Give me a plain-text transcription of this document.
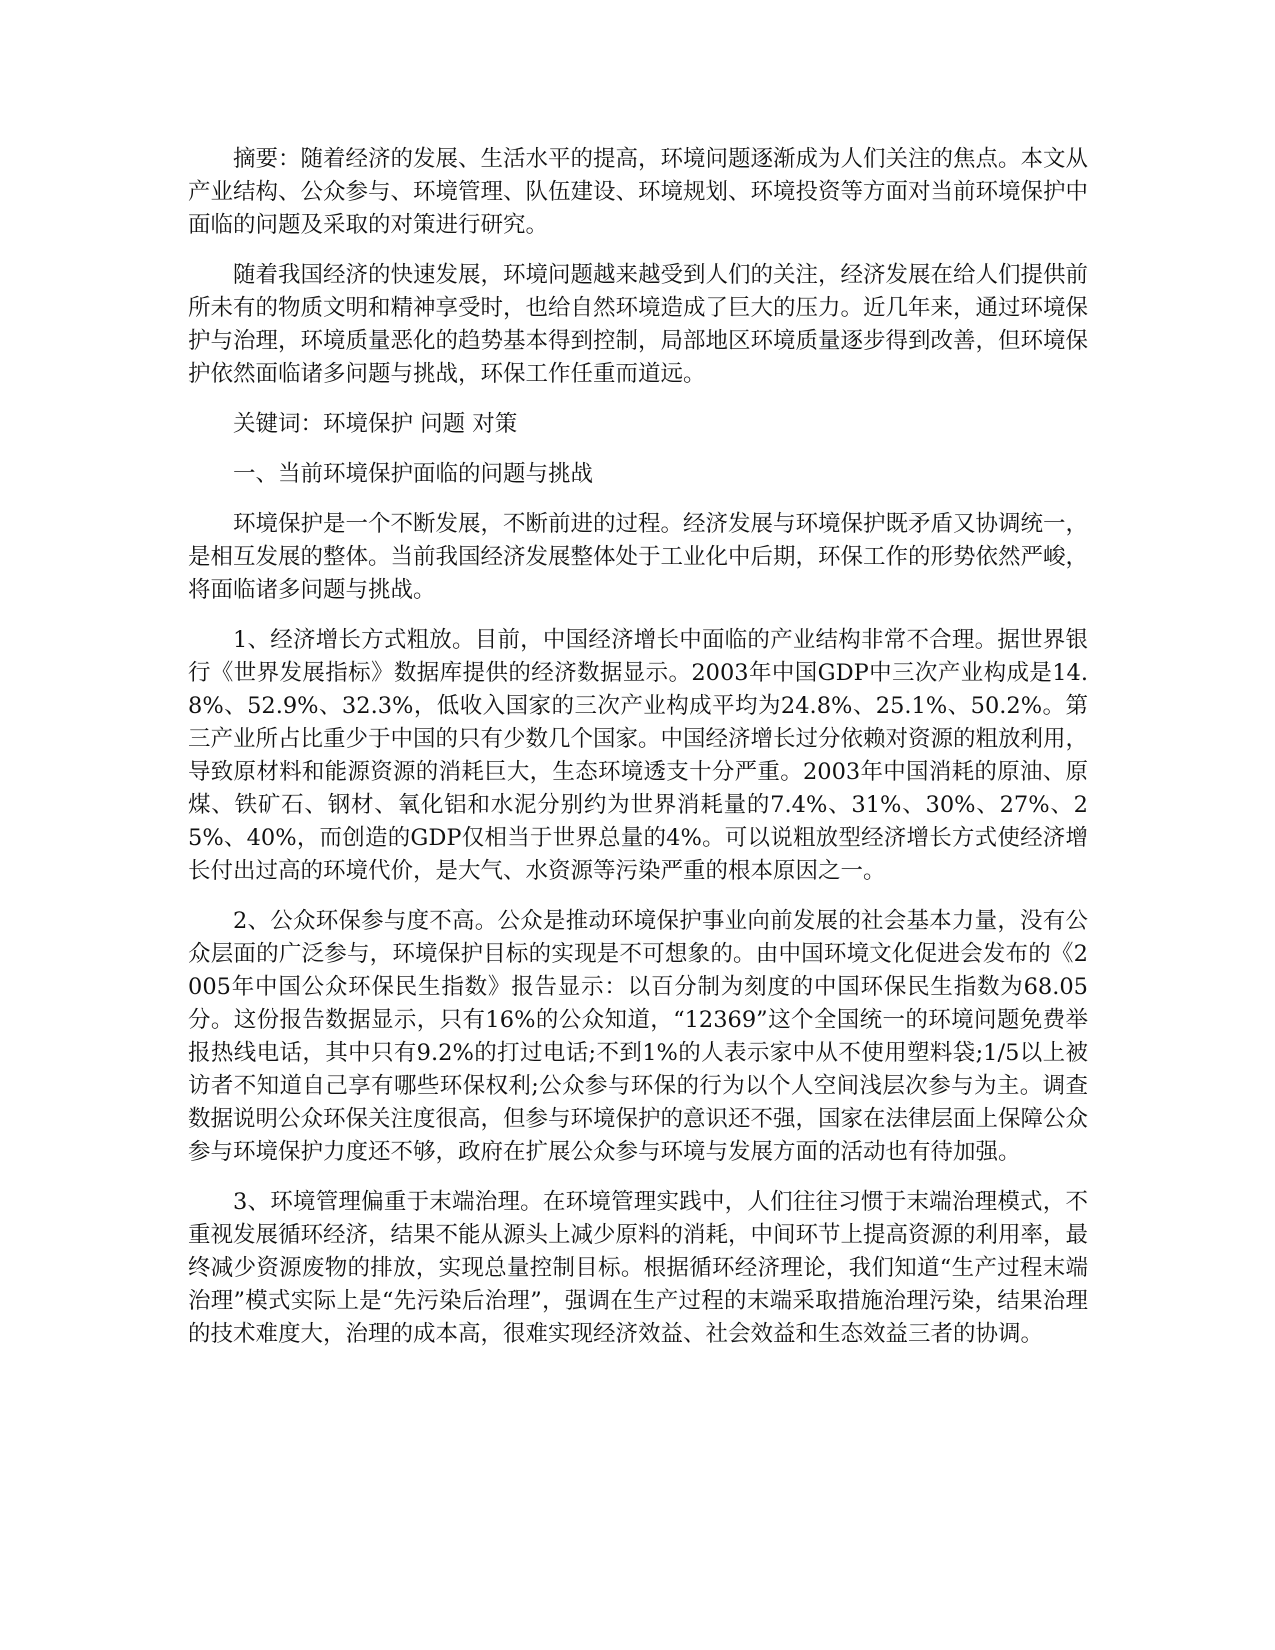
摘要：随着经济的发展、生活水平的提高，环境问题逐渐成为人们关注的焦点。本文从产业结构、公众参与、环境管理、队伍建设、环境规划、环境投资等方面对当前环境保护中面临的问题及采取的对策进行研究。

随着我国经济的快速发展，环境问题越来越受到人们的关注，经济发展在给人们提供前所未有的物质文明和精神享受时，也给自然环境造成了巨大的压力。近几年来，通过环境保护与治理，环境质量恶化的趋势基本得到控制，局部地区环境质量逐步得到改善，但环境保护依然面临诸多问题与挑战，环保工作任重而道远。

关键词：环境保护 问题 对策

一、当前环境保护面临的问题与挑战

环境保护是一个不断发展，不断前进的过程。经济发展与环境保护既矛盾又协调统一，是相互发展的整体。当前我国经济发展整体处于工业化中后期，环保工作的形势依然严峻，将面临诸多问题与挑战。

1、经济增长方式粗放。目前，中国经济增长中面临的产业结构非常不合理。据世界银行《世界发展指标》数据库提供的经济数据显示。2003年中国GDP中三次产业构成是14.8%、52.9%、32.3%，低收入国家的三次产业构成平均为24.8%、25.1%、50.2%。第三产业所占比重少于中国的只有少数几个国家。中国经济增长过分依赖对资源的粗放利用，导致原材料和能源资源的消耗巨大，生态环境透支十分严重。2003年中国消耗的原油、原煤、铁矿石、钢材、氧化铝和水泥分别约为世界消耗量的7.4%、31%、30%、27%、25%、40%，而创造的GDP仅相当于世界总量的4%。可以说粗放型经济增长方式使经济增长付出过高的环境代价，是大气、水资源等污染严重的根本原因之一。

2、公众环保参与度不高。公众是推动环境保护事业向前发展的社会基本力量，没有公众层面的广泛参与，环境保护目标的实现是不可想象的。由中国环境文化促进会发布的《2005年中国公众环保民生指数》报告显示：以百分制为刻度的中国环保民生指数为68.05分。这份报告数据显示，只有16%的公众知道，“12369”这个全国统一的环境问题免费举报热线电话，其中只有9.2%的打过电话;不到1%的人表示家中从不使用塑料袋;1/5以上被访者不知道自己享有哪些环保权利;公众参与环保的行为以个人空间浅层次参与为主。调查数据说明公众环保关注度很高，但参与环境保护的意识还不强，国家在法律层面上保障公众参与环境保护力度还不够，政府在扩展公众参与环境与发展方面的活动也有待加强。

3、环境管理偏重于末端治理。在环境管理实践中，人们往往习惯于末端治理模式，不重视发展循环经济，结果不能从源头上减少原料的消耗，中间环节上提高资源的利用率，最终减少资源废物的排放，实现总量控制目标。根据循环经济理论，我们知道“生产过程末端治理”模式实际上是“先污染后治理”，强调在生产过程的末端采取措施治理污染，结果治理的技术难度大，治理的成本高，很难实现经济效益、社会效益和生态效益三者的协调。
